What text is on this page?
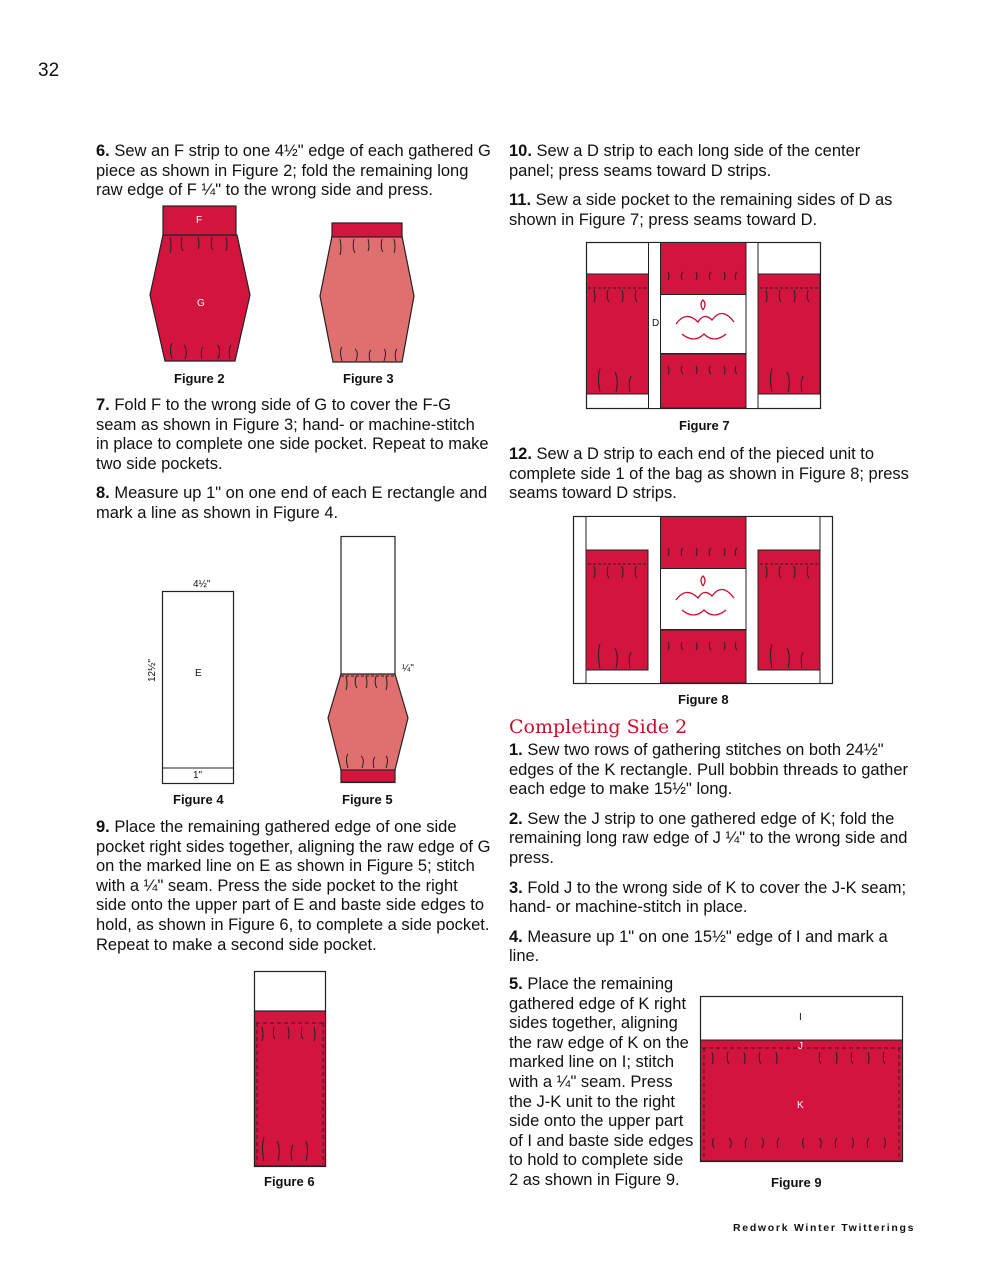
32

6. Sew an F strip to one 4½" edge of each gathered G piece as shown in Figure 2; fold the remaining long raw edge of F ¼" to the wrong side and press.

F
G
Figure 2	Figure 3

7. Fold F to the wrong side of G to cover the F-G seam as shown in Figure 3; hand- or machine-stitch in place to complete one side pocket. Repeat to make two side pockets.

8. Measure up 1" on one end of each E rectangle and mark a line as shown in Figure 4.

4½"
12½"	E
1"
Figure 4
¼"
Figure 5

9. Place the remaining gathered edge of one side pocket right sides together, aligning the raw edge of G on the marked line on E as shown in Figure 5; stitch with a ¼" seam. Press the side pocket to the right side onto the upper part of E and baste side edges to hold, as shown in Figure 6, to complete a side pocket. Repeat to make a second side pocket.

Figure 6

10. Sew a D strip to each long side of the center panel; press seams toward D strips.

11. Sew a side pocket to the remaining sides of D as shown in Figure 7; press seams toward D.

D
Figure 7

12. Sew a D strip to each end of the pieced unit to complete side 1 of the bag as shown in Figure 8; press seams toward D strips.

Figure 8
Completing Side 2

1. Sew two rows of gathering stitches on both 24½" edges of the K rectangle. Pull bobbin threads to gather each edge to make 15½" long.

2. Sew the J strip to one gathered edge of K; fold the remaining long raw edge of J ¼" to the wrong side and press.

3. Fold J to the wrong side of K to cover the J-K seam; hand- or machine-stitch in place.

4. Measure up 1" on one 15½" edge of I and mark a line.

5. Place the remaining gathered edge of K right sides together, aligning the raw edge of K on the marked line on I; stitch with a ¼" seam. Press the J-K unit to the right side onto the upper part of I and baste side edges to hold to complete side 2 as shown in Figure 9.

I
J
K
Figure 9
Redwork Winter Twitterings
